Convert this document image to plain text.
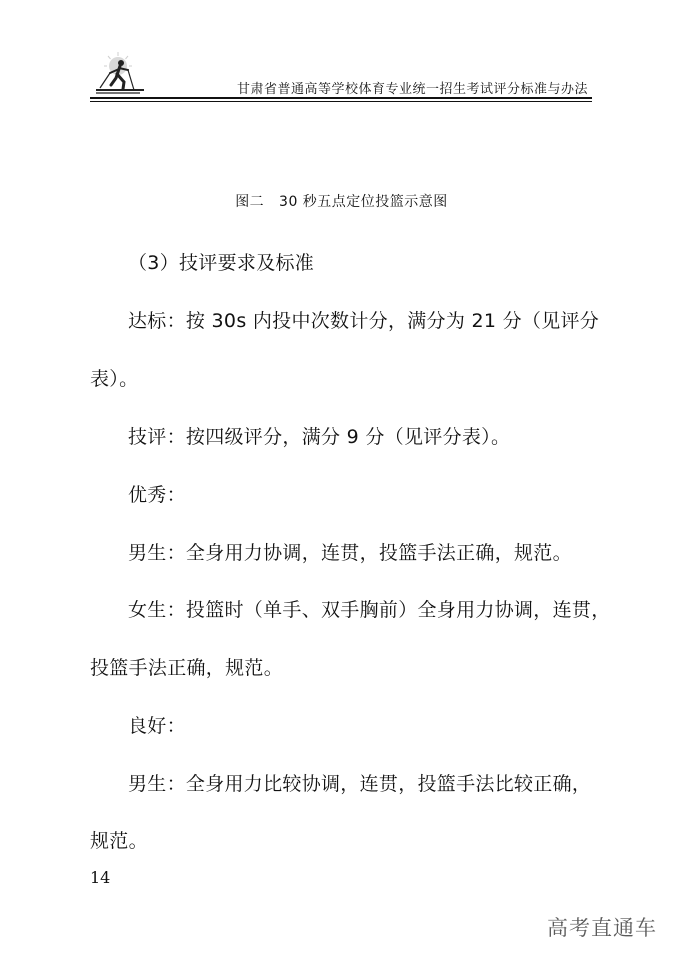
甘肃省普通高等学校体育专业统一招生考试评分标准与办法
图二   30 秒五点定位投篮示意图
（3）技评要求及标准
达标：按 30s 内投中次数计分，满分为 21 分（见评分
表）。
技评：按四级评分，满分 9 分（见评分表）。
优秀：
男生：全身用力协调，连贯，投篮手法正确，规范。
女生：投篮时（单手、双手胸前）全身用力协调，连贯，
投篮手法正确，规范。
良好：
男生：全身用力比较协调，连贯，投篮手法比较正确，
规范。
14
高考直通车
